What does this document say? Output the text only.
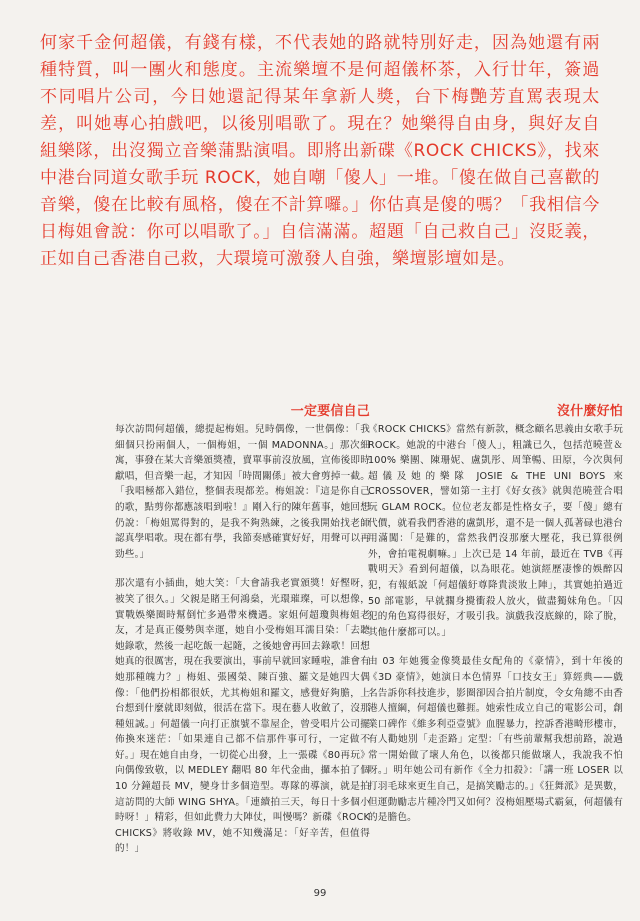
何家千金何超儀，有錢有樣，不代表她的路就特別好走，因為她還有兩種特質，叫一團火和態度。主流樂壇不是何超儀杯茶，入行廿年，簽過不同唱片公司，今日她還記得某年拿新人獎，台下梅艷芳直罵表現太差，叫她專心拍戲吧，以後別唱歌了。現在？她樂得自由身，與好友自組樂隊，出沒獨立音樂蒲點演唱。即將出新碟《ROCK CHICKS》，找來中港台同道女歌手玩 ROCK，她自嘲「傻人」一堆。「傻在做自己喜歡的音樂，傻在比較有風格，傻在不計算囉。」你估真是傻的嗎？「我相信今日梅姐會說：你可以唱歌了。」自信滿滿。超題「自己救自己」沒貶義，正如自己香港自己救，大環境可激發人自強，樂壇影壇如是。

一定要信自己

每次訪問何超儀，總提起梅姐。兒時偶像，一世偶像：「我細個只扮兩個人，一個梅姐，一個 MADONNA。」那次細寓，事發在某大音樂頒獎禮，賣單事前沒放風，宣佈後即時獻唱，但音樂一起，才知因「時間關係」被大會剪掉一截。「我唱極都入錯位，整個表現都差。梅姐說：『這是你自己的歌，點剪你都應該唱到啦！』剛入行的陳年舊事，她回想仍說：「梅姐罵得對的，是我不夠熟練，之後我開始找老師認真學唱歌。現在都有學，我節奏感確實好好，用聲可以再勁些。」

那次還有小插曲，她大笑：「大會請我老實頒獎！好慳呀，被笑了很久。」父親是賭王何鴻燊，光環璀璨，可以想像，實戰娛樂圈時幫倒忙多過帶來機遇。家姐何超瓊與梅姐老友，才是真正優勢與幸運，她自小受梅姐耳濡目染：「去聽她錄歌，然後一起吃飯一起隨，之後她會再回去錄歌！回想她真的很厲害，現在我要演出，事前早就回家睡啦，誰會有她那種魄力？」梅姐、張國榮、陳百強、羅文是她四大偶像：「他們扮相都很妖，尤其梅姐和羅文，感覺好夠膽，上台想到什麼就即刻做，很活在當下。現在藝人收斂了，沒那種妞誠。」何超儀一向打正旗號不靠屋企，曾受唱片公司擺佈換來迷茫：「如果連自己都不信那件事可行，一定做不好。」現在她自由身，一切從心出發，上一張碟《80再玩》向偶像致敬，以 MEDLEY 翻唱 80 年代金曲，攞本拍了個 10 分鐘超長 MV，變身廿多個造型。專隊的導演，就是拍這訪問的大師 WING SHYA。「連續拍三天，每日十多個小時呀！」精彩，但如此費力大陣仗，叫慢嗎？新碟《ROCK CHICKS》將收錄 MV，她不知幾滿足：「好辛苦，但值得的！」

沒什麼好怕

《ROCK CHICKS》當然有新款，概念顧名思義由女歌手玩 ROCK。她說的中港台「傻人」，粗識已久，包括范曉萱＆100% 樂團、陳珊妮、盧凱彤、周筆暢、田原，今次與何超儀及她的樂隊 JOSIE & THE UNI BOYS 來 CROSSOVER，譬如第一主打《好女孩》就與范曉萱合唱玩 GLAM ROCK。位位老友都是性格女子，要「傻」總有代價，就看我們香港的盧凱彤，還不是一個人孤著碌也港台用滿闖：「是難的，當然我們沒那麼大壓花，我已算很例外，會拍電視劇嘛。」上次已是 14 年前，最近在 TVB《再戰明天》看到何超儀，以為眼花。她演經歷凄慘的娛醉囚犯，有報紙說「何超儀紆尊降貴淡妝上陣」，其實她拍過近 50 部電影，早就擱身攪衝殺人放火，做盡獨妹角色。「囚犯的角色寫得很好，才吸引我。演戲我沒底線的，除了脫，其他什麼都可以。」

由 03 年她獲金像獎最佳女配角的《豪情》，到十年後的《3D 豪情》，她演日本色情界「口技女王」算經典——戲名告訴你科技進步，影圈卻因合拍片制度，令女角總不由香港人擅綱，何超儀也難捱。她索性成立自己的電影公司，創業口碑作《維多利亞壹號》血腥暴力，控訴香港畸形樓市，有人勸她別「走歪路」定型：「有些前輩幫我想前路，說過常一開始做了壞人角色，以後都只能做壞人，我說我不怕呀。」明年她公司有新作《全力扣殺》：「講一班 LOSER 以打羽毛球來更生自己，是搞笑勵志的。」《狂舞派》是異數，但運動勵志片種冷門又如何？沒梅姐壓場式霸氣，何超儀有的是膽色。

99
